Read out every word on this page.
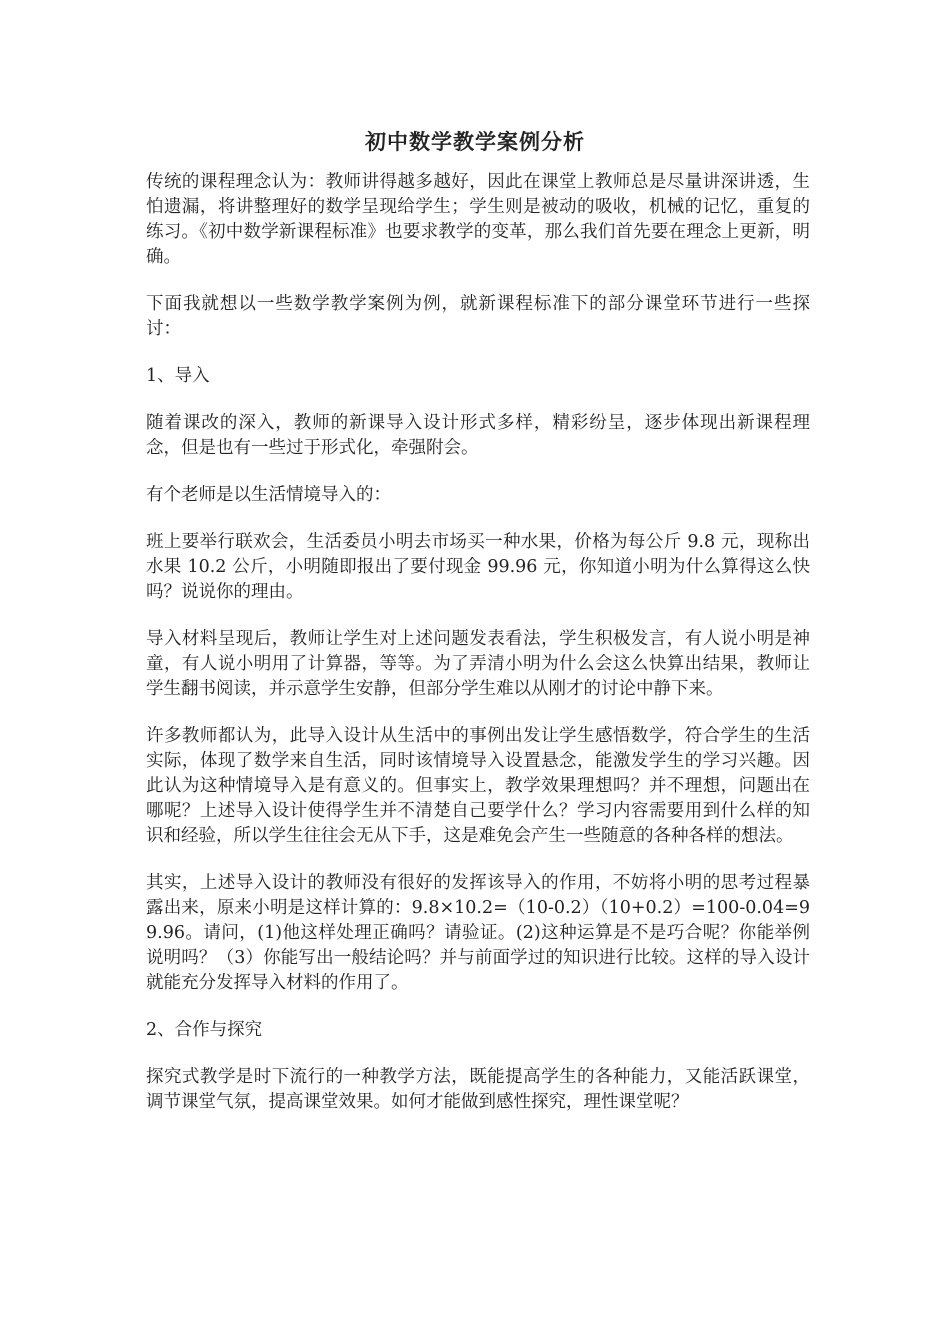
初中数学教学案例分析

传统的课程理念认为：教师讲得越多越好，因此在课堂上教师总是尽量讲深讲透，生怕遗漏，将讲整理好的数学呈现给学生；学生则是被动的吸收，机械的记忆，重复的练习。《初中数学新课程标准》也要求教学的变革，那么我们首先要在理念上更新，明确。

下面我就想以一些数学教学案例为例，就新课程标准下的部分课堂环节进行一些探讨：

1、导入

随着课改的深入，教师的新课导入设计形式多样，精彩纷呈，逐步体现出新课程理念，但是也有一些过于形式化，牵强附会。

有个老师是以生活情境导入的：

班上要举行联欢会，生活委员小明去市场买一种水果，价格为每公斤 9.8 元，现称出水果 10.2 公斤，小明随即报出了要付现金 99.96 元，你知道小明为什么算得这么快吗？说说你的理由。

导入材料呈现后，教师让学生对上述问题发表看法，学生积极发言，有人说小明是神童，有人说小明用了计算器，等等。为了弄清小明为什么会这么快算出结果，教师让学生翻书阅读，并示意学生安静，但部分学生难以从刚才的讨论中静下来。

许多教师都认为，此导入设计从生活中的事例出发让学生感悟数学，符合学生的生活实际，体现了数学来自生活，同时该情境导入设置悬念，能激发学生的学习兴趣。因此认为这种情境导入是有意义的。但事实上，教学效果理想吗？并不理想，问题出在哪呢？上述导入设计使得学生并不清楚自己要学什么？学习内容需要用到什么样的知识和经验，所以学生往往会无从下手，这是难免会产生一些随意的各种各样的想法。

其实，上述导入设计的教师没有很好的发挥该导入的作用，不妨将小明的思考过程暴露出来，原来小明是这样计算的：9.8×10.2=（10-0.2）（10+0.2）=100-0.04=99.96。请问，(1)他这样处理正确吗？请验证。(2)这种运算是不是巧合呢？你能举例说明吗？（3）你能写出一般结论吗？并与前面学过的知识进行比较。这样的导入设计就能充分发挥导入材料的作用了。

2、合作与探究

探究式教学是时下流行的一种教学方法，既能提高学生的各种能力，又能活跃课堂，调节课堂气氛，提高课堂效果。如何才能做到感性探究，理性课堂呢？
